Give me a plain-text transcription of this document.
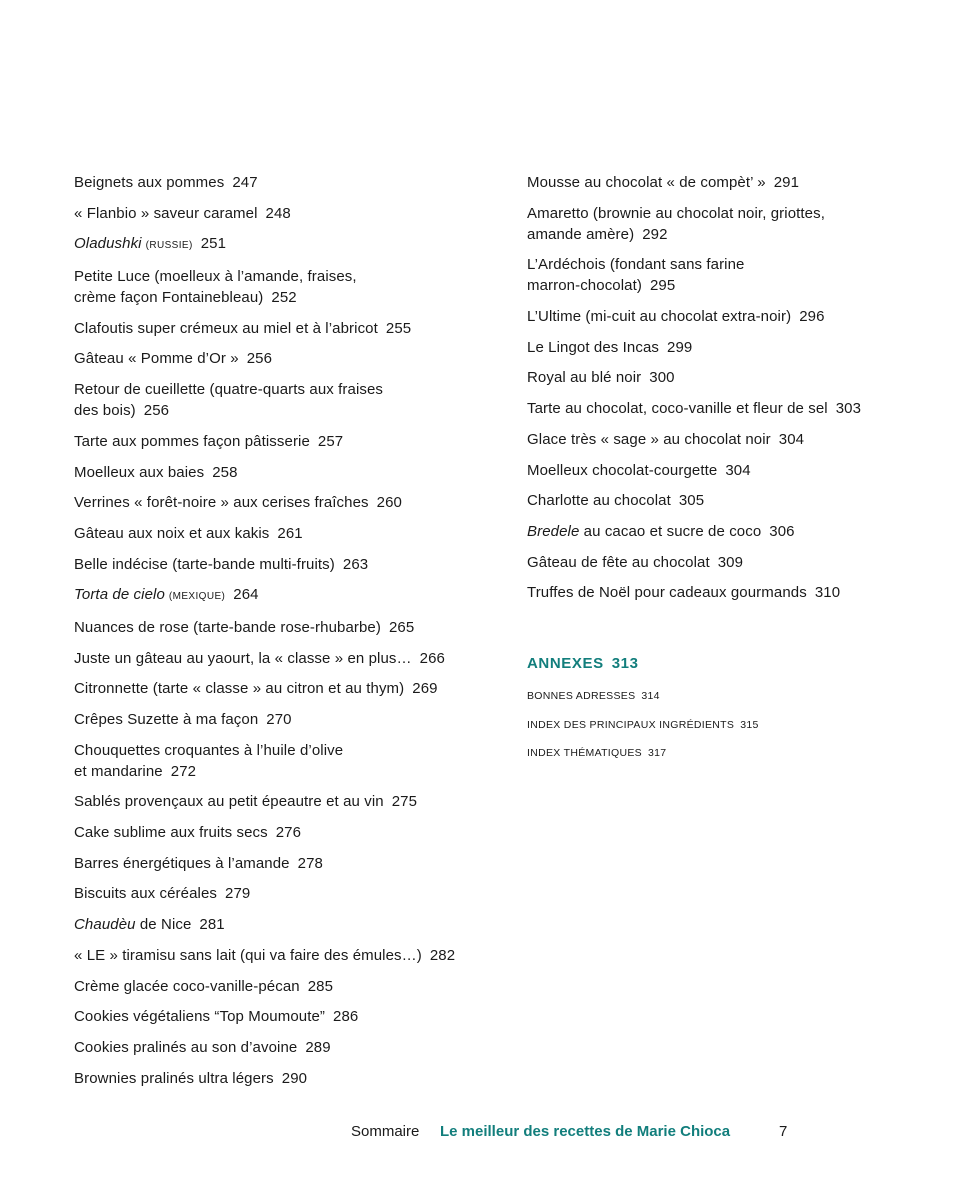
Beignets aux pommes 247
« Flanbio » saveur caramel 248
Oladushki (RUSSIE) 251
Petite Luce (moelleux à l’amande, fraises,
crème façon Fontainebleau) 252
Clafoutis super crémeux au miel et à l’abricot 255
Gâteau « Pomme d’Or » 256
Retour de cueillette (quatre-quarts aux fraises
des bois) 256
Tarte aux pommes façon pâtisserie 257
Moelleux aux baies 258
Verrines « forêt-noire » aux cerises fraîches 260
Gâteau aux noix et aux kakis 261
Belle indécise (tarte-bande multi-fruits) 263
Torta de cielo (MEXIQUE) 264
Nuances de rose (tarte-bande rose-rhubarbe) 265
Juste un gâteau au yaourt, la « classe » en plus… 266
Citronnette (tarte « classe » au citron et au thym) 269
Crêpes Suzette à ma façon 270
Chouquettes croquantes à l’huile d’olive
et mandarine 272
Sablés provençaux au petit épeautre et au vin 275
Cake sublime aux fruits secs 276
Barres énergétiques à l’amande 278
Biscuits aux céréales 279
Chaudèu de Nice 281
« LE » tiramisu sans lait (qui va faire des émules…) 282
Crème glacée coco-vanille-pécan 285
Cookies végétaliens “Top Moumoute” 286
Cookies pralinés au son d’avoine 289
Brownies pralinés ultra légers 290
Mousse au chocolat « de compèt’ » 291
Amaretto (brownie au chocolat noir, griottes,
amande amère) 292
L’Ardéchois (fondant sans farine
marron-chocolat) 295
L’Ultime (mi-cuit au chocolat extra-noir) 296
Le Lingot des Incas 299
Royal au blé noir 300
Tarte au chocolat, coco-vanille et fleur de sel 303
Glace très « sage » au chocolat noir 304
Moelleux chocolat-courgette 304
Charlotte au chocolat 305
Bredele au cacao et sucre de coco 306
Gâteau de fête au chocolat 309
Truffes de Noël pour cadeaux gourmands 310
ANNEXES 313
BONNES ADRESSES 314
INDEX DES PRINCIPAUX INGRÉDIENTS 315
INDEX THÉMATIQUES 317
Sommaire Le meilleur des recettes de Marie Chioca	7
